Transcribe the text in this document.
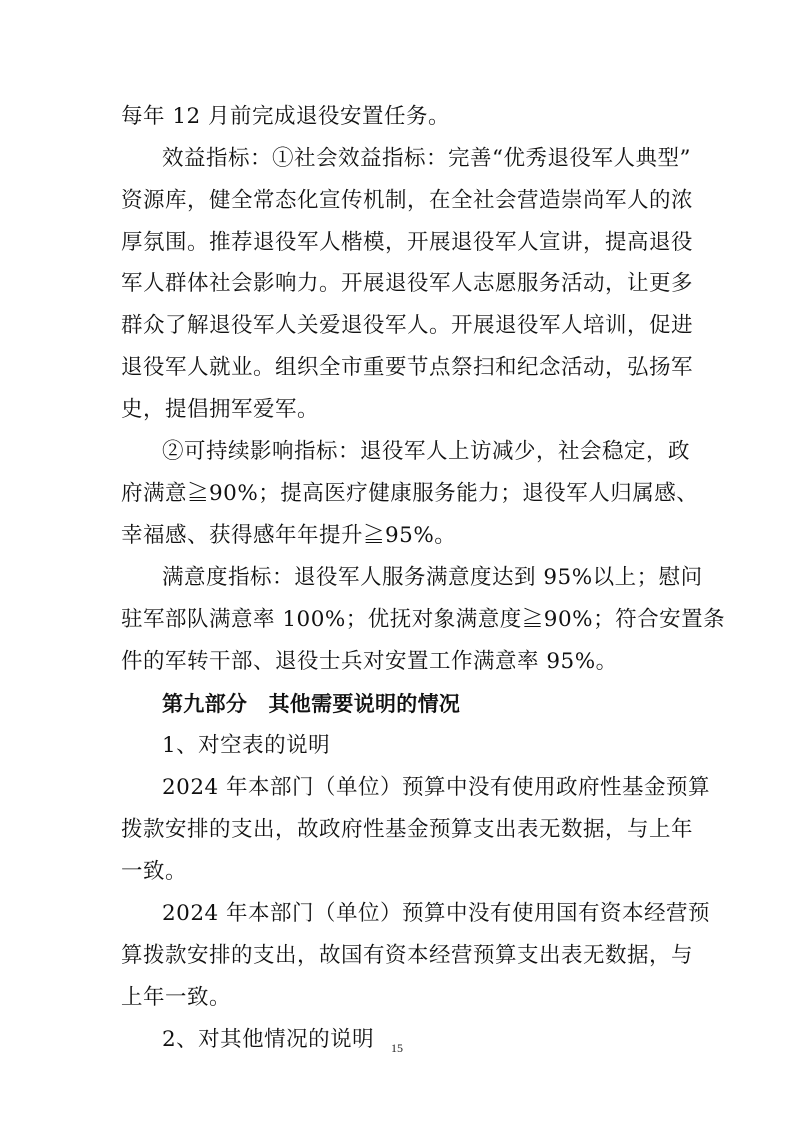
每年 12 月前完成退役安置任务。
效益指标：①社会效益指标：完善“优秀退役军人典型”
资源库，健全常态化宣传机制，在全社会营造崇尚军人的浓
厚氛围。推荐退役军人楷模，开展退役军人宣讲，提高退役
军人群体社会影响力。开展退役军人志愿服务活动，让更多
群众了解退役军人关爱退役军人。开展退役军人培训，促进
退役军人就业。组织全市重要节点祭扫和纪念活动，弘扬军
史，提倡拥军爱军。
②可持续影响指标：退役军人上访减少，社会稳定，政
府满意≧90%；提高医疗健康服务能力；退役军人归属感、
幸福感、获得感年年提升≧95%。
满意度指标：退役军人服务满意度达到 95%以上；慰问
驻军部队满意率 100%；优抚对象满意度≧90%；符合安置条
件的军转干部、退役士兵对安置工作满意率 95%。
第九部分　其他需要说明的情况
1、对空表的说明
2024 年本部门（单位）预算中没有使用政府性基金预算
拨款安排的支出，故政府性基金预算支出表无数据，与上年
一致。
2024 年本部门（单位）预算中没有使用国有资本经营预
算拨款安排的支出，故国有资本经营预算支出表无数据，与
上年一致。
2、对其他情况的说明	15
